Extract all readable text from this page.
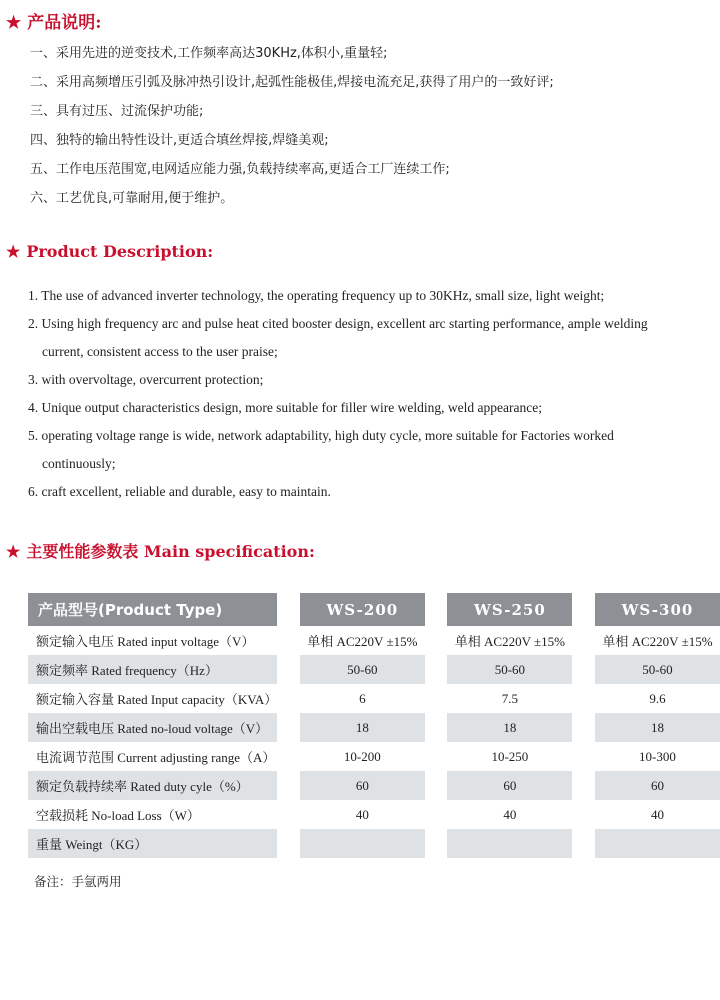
★ 产品说明:
一、采用先进的逆变技术,工作频率高达30KHz,体积小,重量轻;
二、采用高频增压引弧及脉冲热引设计,起弧性能极佳,焊接电流充足,获得了用户的一致好评;
三、具有过压、过流保护功能;
四、独特的输出特性设计,更适合填丝焊接,焊缝美观;
五、工作电压范围宽,电网适应能力强,负载持续率高,更适合工厂连续工作;
六、工艺优良,可靠耐用,便于维护。
★ Product Description:
1. The use of advanced inverter technology, the operating frequency up to 30KHz, small size, light weight;
2. Using high frequency arc and pulse heat cited booster design, excellent arc starting performance, ample welding current, consistent access to the user praise;
3. with overvoltage, overcurrent protection;
4. Unique output characteristics design, more suitable for filler wire welding, weld appearance;
5. operating voltage range is wide, network adaptability, high duty cycle, more suitable for Factories worked continuously;
6. craft excellent, reliable and durable, easy to maintain.
★ 主要性能参数表 Main specification:
产品型号(Product Type)		WS-200		WS-250		WS-300
额定输入电压 Rated input voltage（V）		单相 AC220V ±15%		单相 AC220V ±15%		单相 AC220V ±15%
额定频率 Rated frequency（Hz）		50-60		50-60		50-60
额定输入容量 Rated Input capacity（KVA）		6		7.5		9.6
输出空载电压 Rated no-loud voltage（V）		18		18		18
电流调节范围 Current adjusting range（A）		10-200		10-250		10-300
额定负载持续率 Rated duty cyle（%）		60		60		60
空载损耗 No-load Loss（W）		40		40		40
重量 Weingt（KG）						
备注：手氩两用
